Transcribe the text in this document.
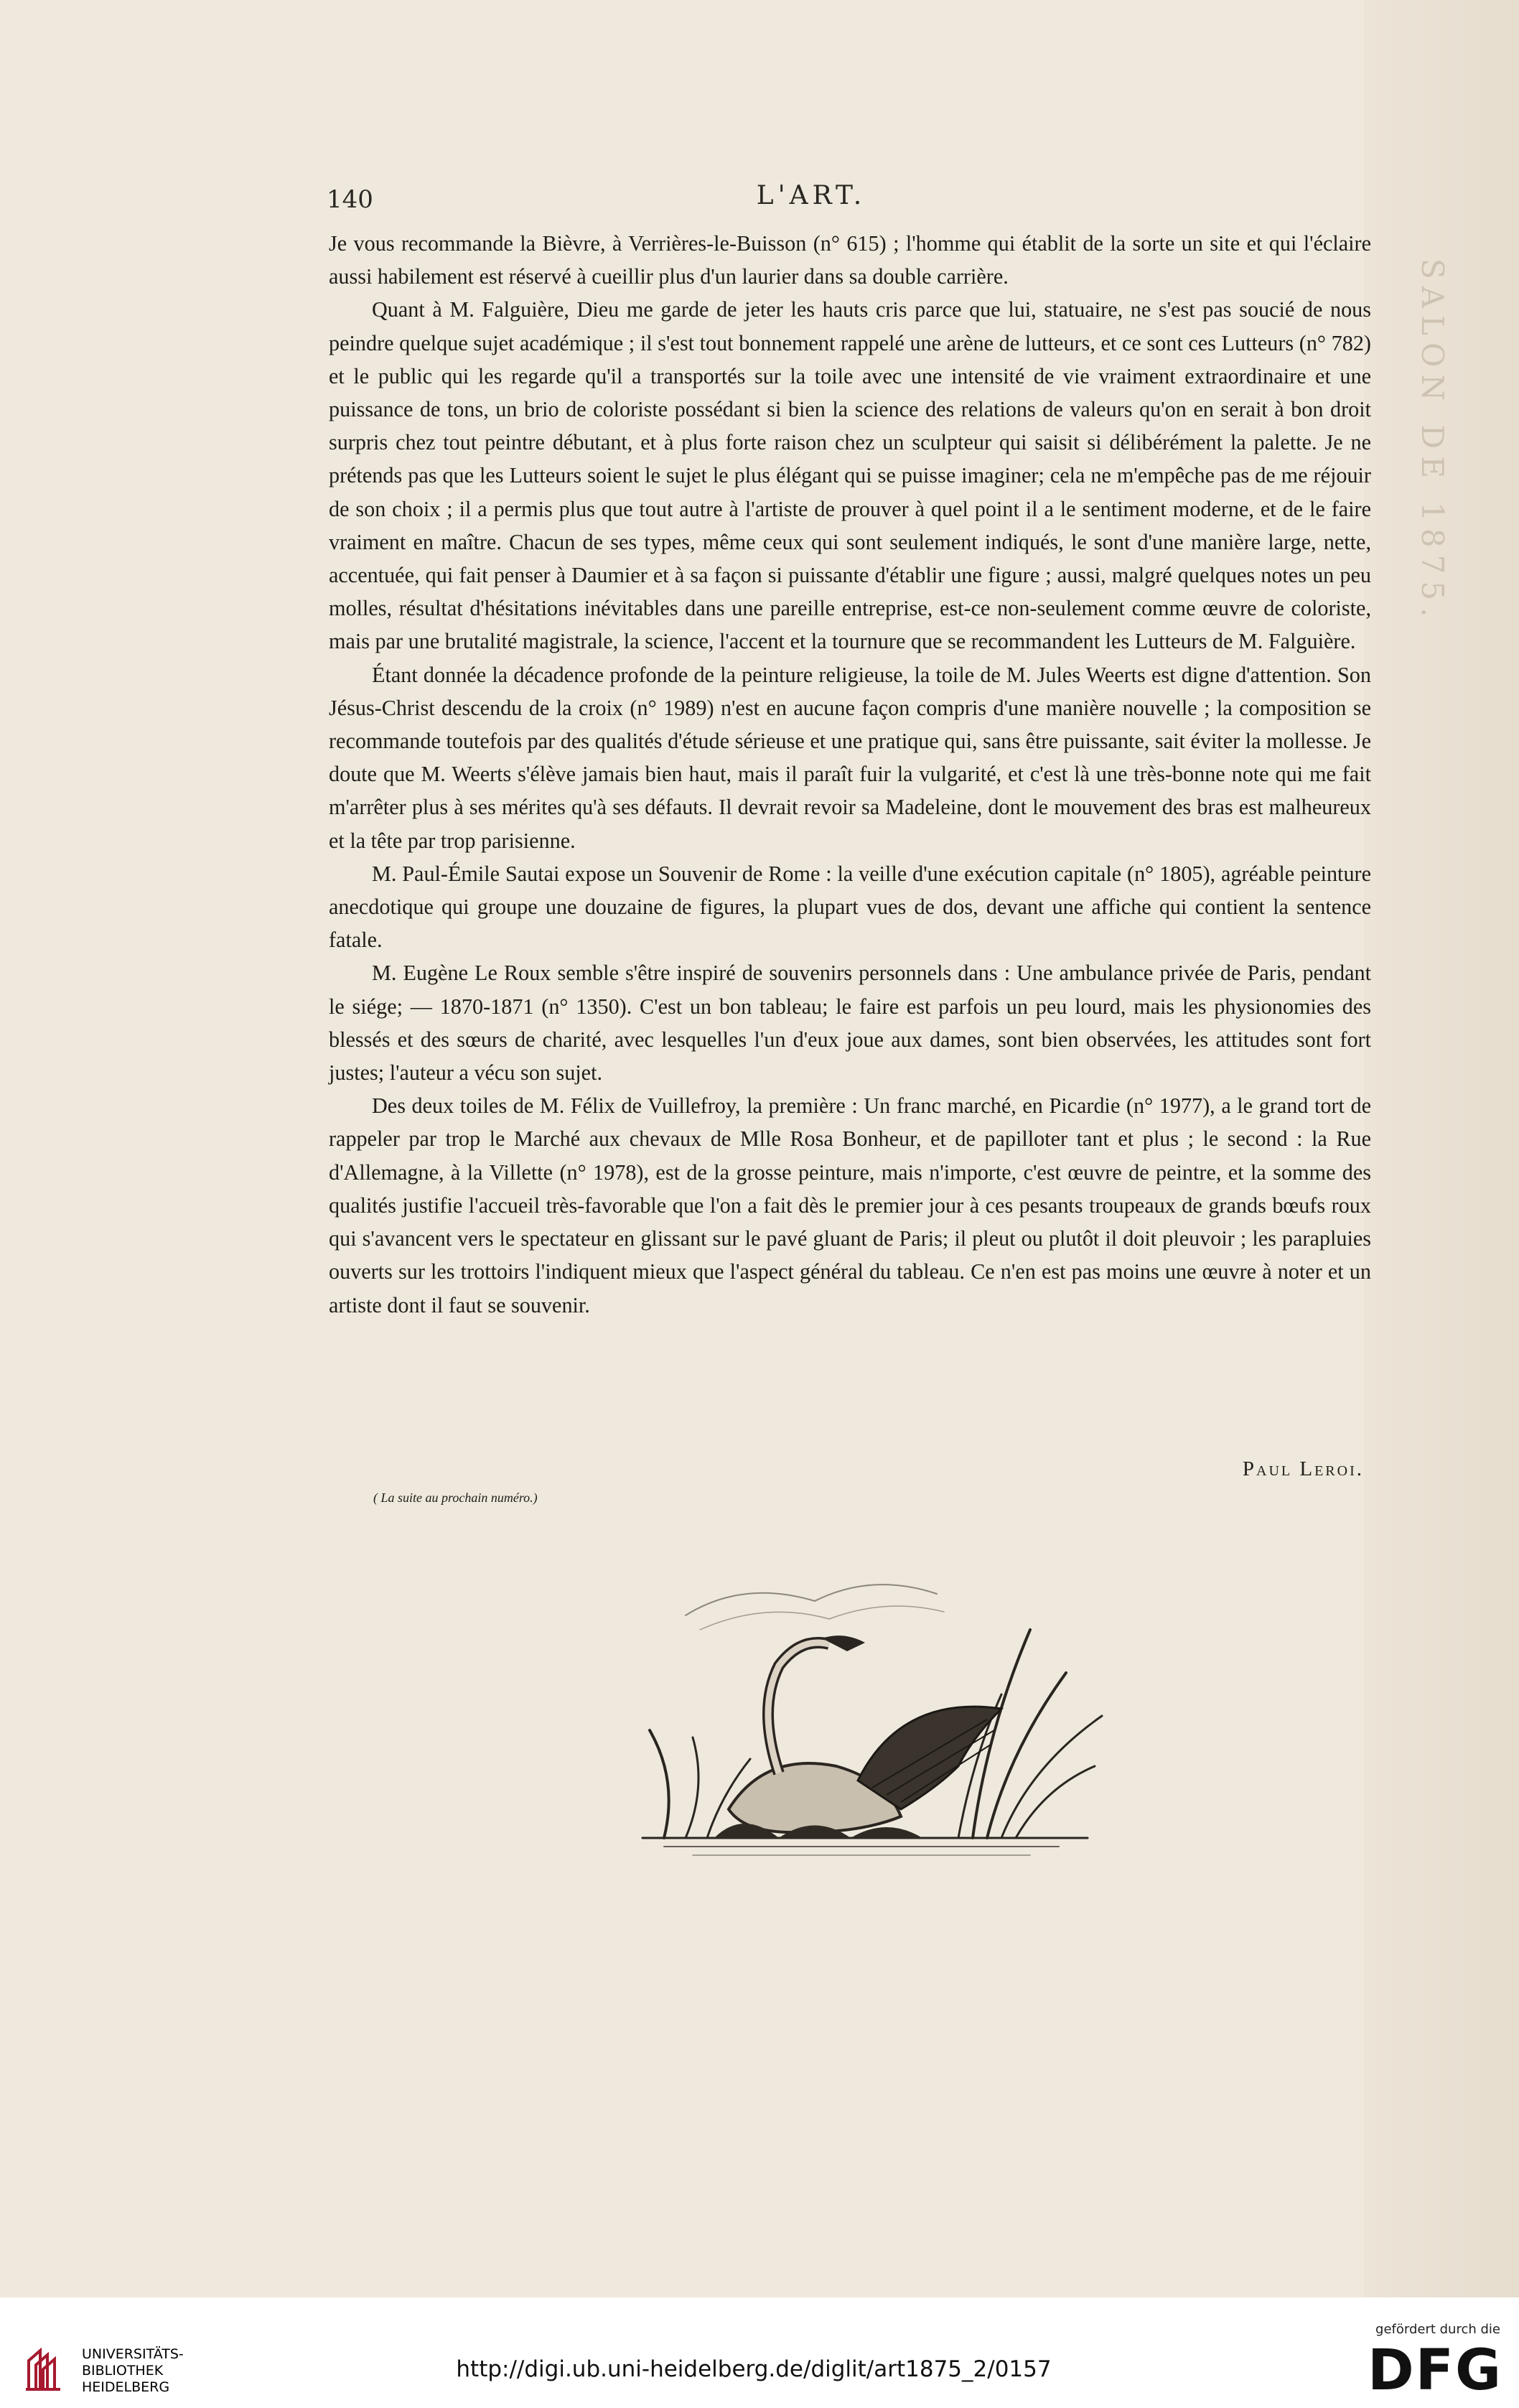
SALON DE 1875.
140	L'ART.

Je vous recommande la Bièvre, à Verrières-le-Buisson (n° 615) ; l'homme qui établit de la sorte un site et qui l'éclaire aussi habilement est réservé à cueillir plus d'un laurier dans sa double carrière.

Quant à M. Falguière, Dieu me garde de jeter les hauts cris parce que lui, statuaire, ne s'est pas soucié de nous peindre quelque sujet académique ; il s'est tout bonnement rappelé une arène de lutteurs, et ce sont ces Lutteurs (n° 782) et le public qui les regarde qu'il a transportés sur la toile avec une intensité de vie vraiment extraordinaire et une puissance de tons, un brio de coloriste possédant si bien la science des relations de valeurs qu'on en serait à bon droit surpris chez tout peintre débutant, et à plus forte raison chez un sculpteur qui saisit si délibérément la palette. Je ne prétends pas que les Lutteurs soient le sujet le plus élégant qui se puisse imaginer; cela ne m'empêche pas de me réjouir de son choix ; il a permis plus que tout autre à l'artiste de prouver à quel point il a le sentiment moderne, et de le faire vraiment en maître. Chacun de ses types, même ceux qui sont seulement indiqués, le sont d'une manière large, nette, accentuée, qui fait penser à Daumier et à sa façon si puissante d'établir une figure ; aussi, malgré quelques notes un peu molles, résultat d'hésitations inévitables dans une pareille entreprise, est-ce non-seulement comme œuvre de coloriste, mais par une brutalité magistrale, la science, l'accent et la tournure que se recommandent les Lutteurs de M. Falguière.

Étant donnée la décadence profonde de la peinture religieuse, la toile de M. Jules Weerts est digne d'attention. Son Jésus-Christ descendu de la croix (n° 1989) n'est en aucune façon compris d'une manière nouvelle ; la composition se recommande toutefois par des qualités d'étude sérieuse et une pratique qui, sans être puissante, sait éviter la mollesse. Je doute que M. Weerts s'élève jamais bien haut, mais il paraît fuir la vulgarité, et c'est là une très-bonne note qui me fait m'arrêter plus à ses mérites qu'à ses défauts. Il devrait revoir sa Madeleine, dont le mouvement des bras est malheureux et la tête par trop parisienne.

M. Paul-Émile Sautai expose un Souvenir de Rome : la veille d'une exécution capitale (n° 1805), agréable peinture anecdotique qui groupe une douzaine de figures, la plupart vues de dos, devant une affiche qui contient la sentence fatale.

M. Eugène Le Roux semble s'être inspiré de souvenirs personnels dans : Une ambulance privée de Paris, pendant le siége; — 1870-1871 (n° 1350). C'est un bon tableau; le faire est parfois un peu lourd, mais les physionomies des blessés et des sœurs de charité, avec lesquelles l'un d'eux joue aux dames, sont bien observées, les attitudes sont fort justes; l'auteur a vécu son sujet.

Des deux toiles de M. Félix de Vuillefroy, la première : Un franc marché, en Picardie (n° 1977), a le grand tort de rappeler par trop le Marché aux chevaux de Mlle Rosa Bonheur, et de papilloter tant et plus ; le second : la Rue d'Allemagne, à la Villette (n° 1978), est de la grosse peinture, mais n'importe, c'est œuvre de peintre, et la somme des qualités justifie l'accueil très-favorable que l'on a fait dès le premier jour à ces pesants troupeaux de grands bœufs roux qui s'avancent vers le spectateur en glissant sur le pavé gluant de Paris; il pleut ou plutôt il doit pleuvoir ; les parapluies ouverts sur les trottoirs l'indiquent mieux que l'aspect général du tableau. Ce n'en est pas moins une œuvre à noter et un artiste dont il faut se souvenir.

Paul Leroi.
( La suite au prochain numéro.)
UNIVERSITÄTS-
BIBLIOTHEK
HEIDELBERG
http://digi.ub.uni-heidelberg.de/diglit/art1875_2/0157
gefördert durch die
DFG
